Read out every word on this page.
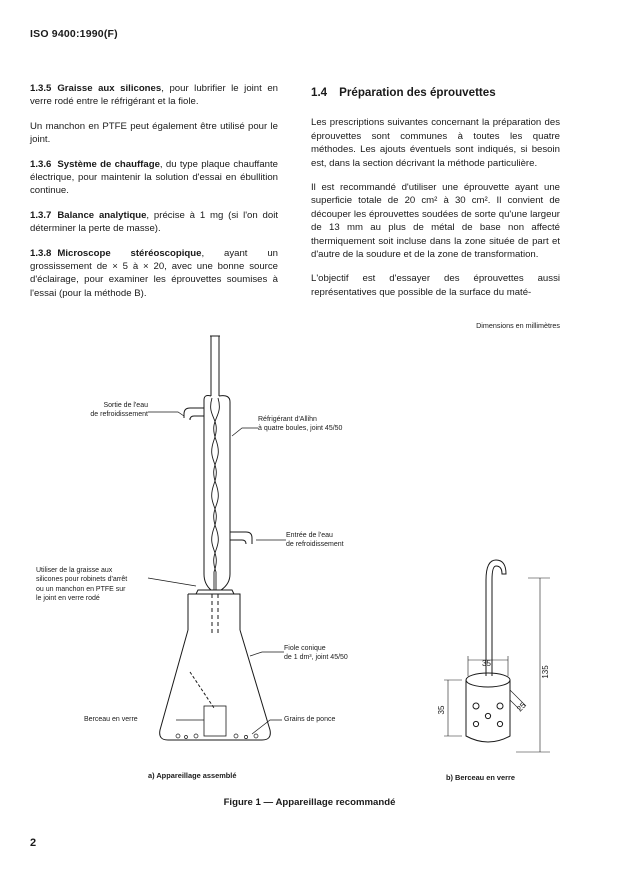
ISO 9400:1990(F)

1.3.5 Graisse aux silicones, pour lubrifier le joint en verre rodé entre le réfrigérant et la fiole.

Un manchon en PTFE peut également être utilisé pour le joint.

1.3.6 Système de chauffage, du type plaque chauffante électrique, pour maintenir la solution d'essai en ébullition continue.

1.3.7 Balance analytique, précise à 1 mg (si l'on doit déterminer la perte de masse).

1.3.8 Microscope stéréoscopique, ayant un grossissement de × 5 à × 20, avec une bonne source d'éclairage, pour examiner les éprouvettes soumises à l'essai (pour la méthode B).

1.4 Préparation des éprouvettes

Les prescriptions suivantes concernant la préparation des éprouvettes sont communes à toutes les quatre méthodes. Les ajouts éventuels sont indiqués, si besoin est, dans la section décrivant la méthode particulière.

Il est recommandé d'utiliser une éprouvette ayant une superficie totale de 20 cm² à 30 cm². Il convient de découper les éprouvettes soudées de sorte qu'une largeur de 13 mm au plus de métal de base non affecté thermiquement soit incluse dans la zone située de part et d'autre de la soudure et de la zone de transformation.

L'objectif est d'essayer des éprouvettes aussi représentatives que possible de la surface du maté-

Dimensions en millimètres
135
35
35
25
Sortie de l'eau
de refroidissement
Réfrigérant d'Allihn
à quatre boules, joint 45/50
Entrée de l'eau
de refroidissement
Utiliser de la graisse aux
silicones pour robinets d'arrêt
ou un manchon en PTFE sur
le joint en verre rodé
Fiole conique
de 1 dm³, joint 45/50
Berceau en verre	Grains de ponce
a) Appareillage assemblé	b) Berceau en verre
Figure 1 — Appareillage recommandé
2
